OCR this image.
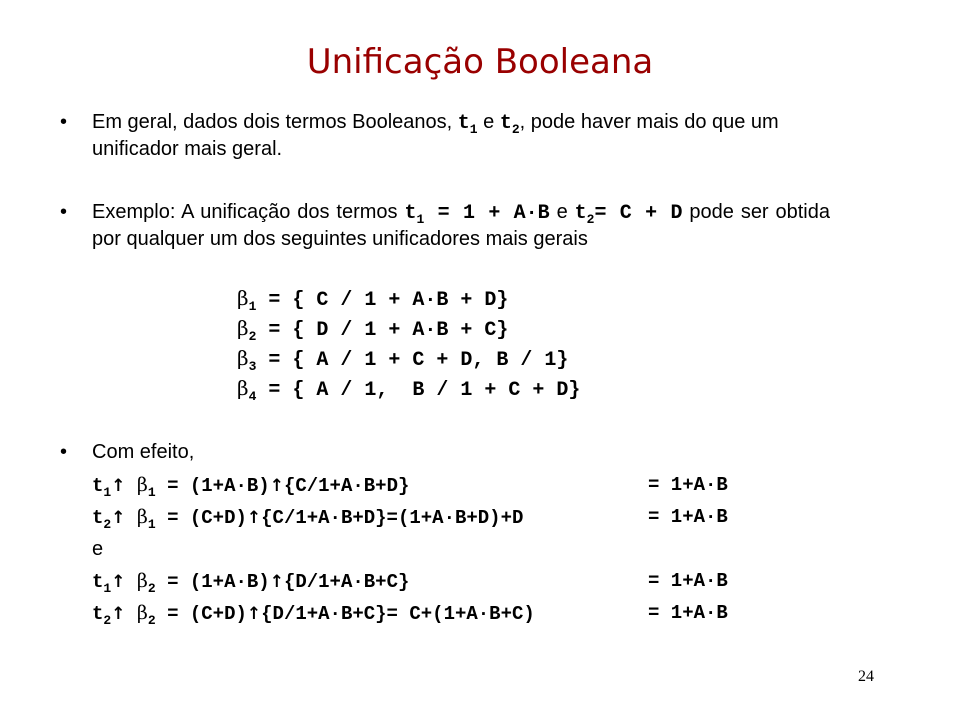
Unificação Booleana
• Em geral, dados dois termos Booleanos, $t_1$ e $t_2$, pode haver mais do que um unificador mais geral.
• Exemplo: A unificação dos termos $t_1 = 1 + A\cdot B$ e $t_2= C + D$ pode ser obtida por qualquer um dos seguintes unificadores mais gerais
$\beta_1$ = { C / 1 + A·B + D}
$\beta_2$ = { D / 1 + A·B + C}
$\beta_3$ = { A / 1 + C + D, B / 1}
$\beta_4$ = { A / 1,  B / 1 + C + D}
• Com efeito,
$t_1↑$ $\beta_1$ = (1+A·B)↑{C/1+A·B+D}	= 1+A·B
$t_2↑$ $\beta_1$ = (C+D)↑{C/1+A·B+D}=(1+A·B+D)+D	= 1+A·B
e
$t_1↑$ $\beta_2$ = (1+A·B)↑{D/1+A·B+C}	= 1+A·B
$t_2↑$ $\beta_2$ = (C+D)↑{D/1+A·B+C}= C+(1+A·B+C)	= 1+A·B
24
